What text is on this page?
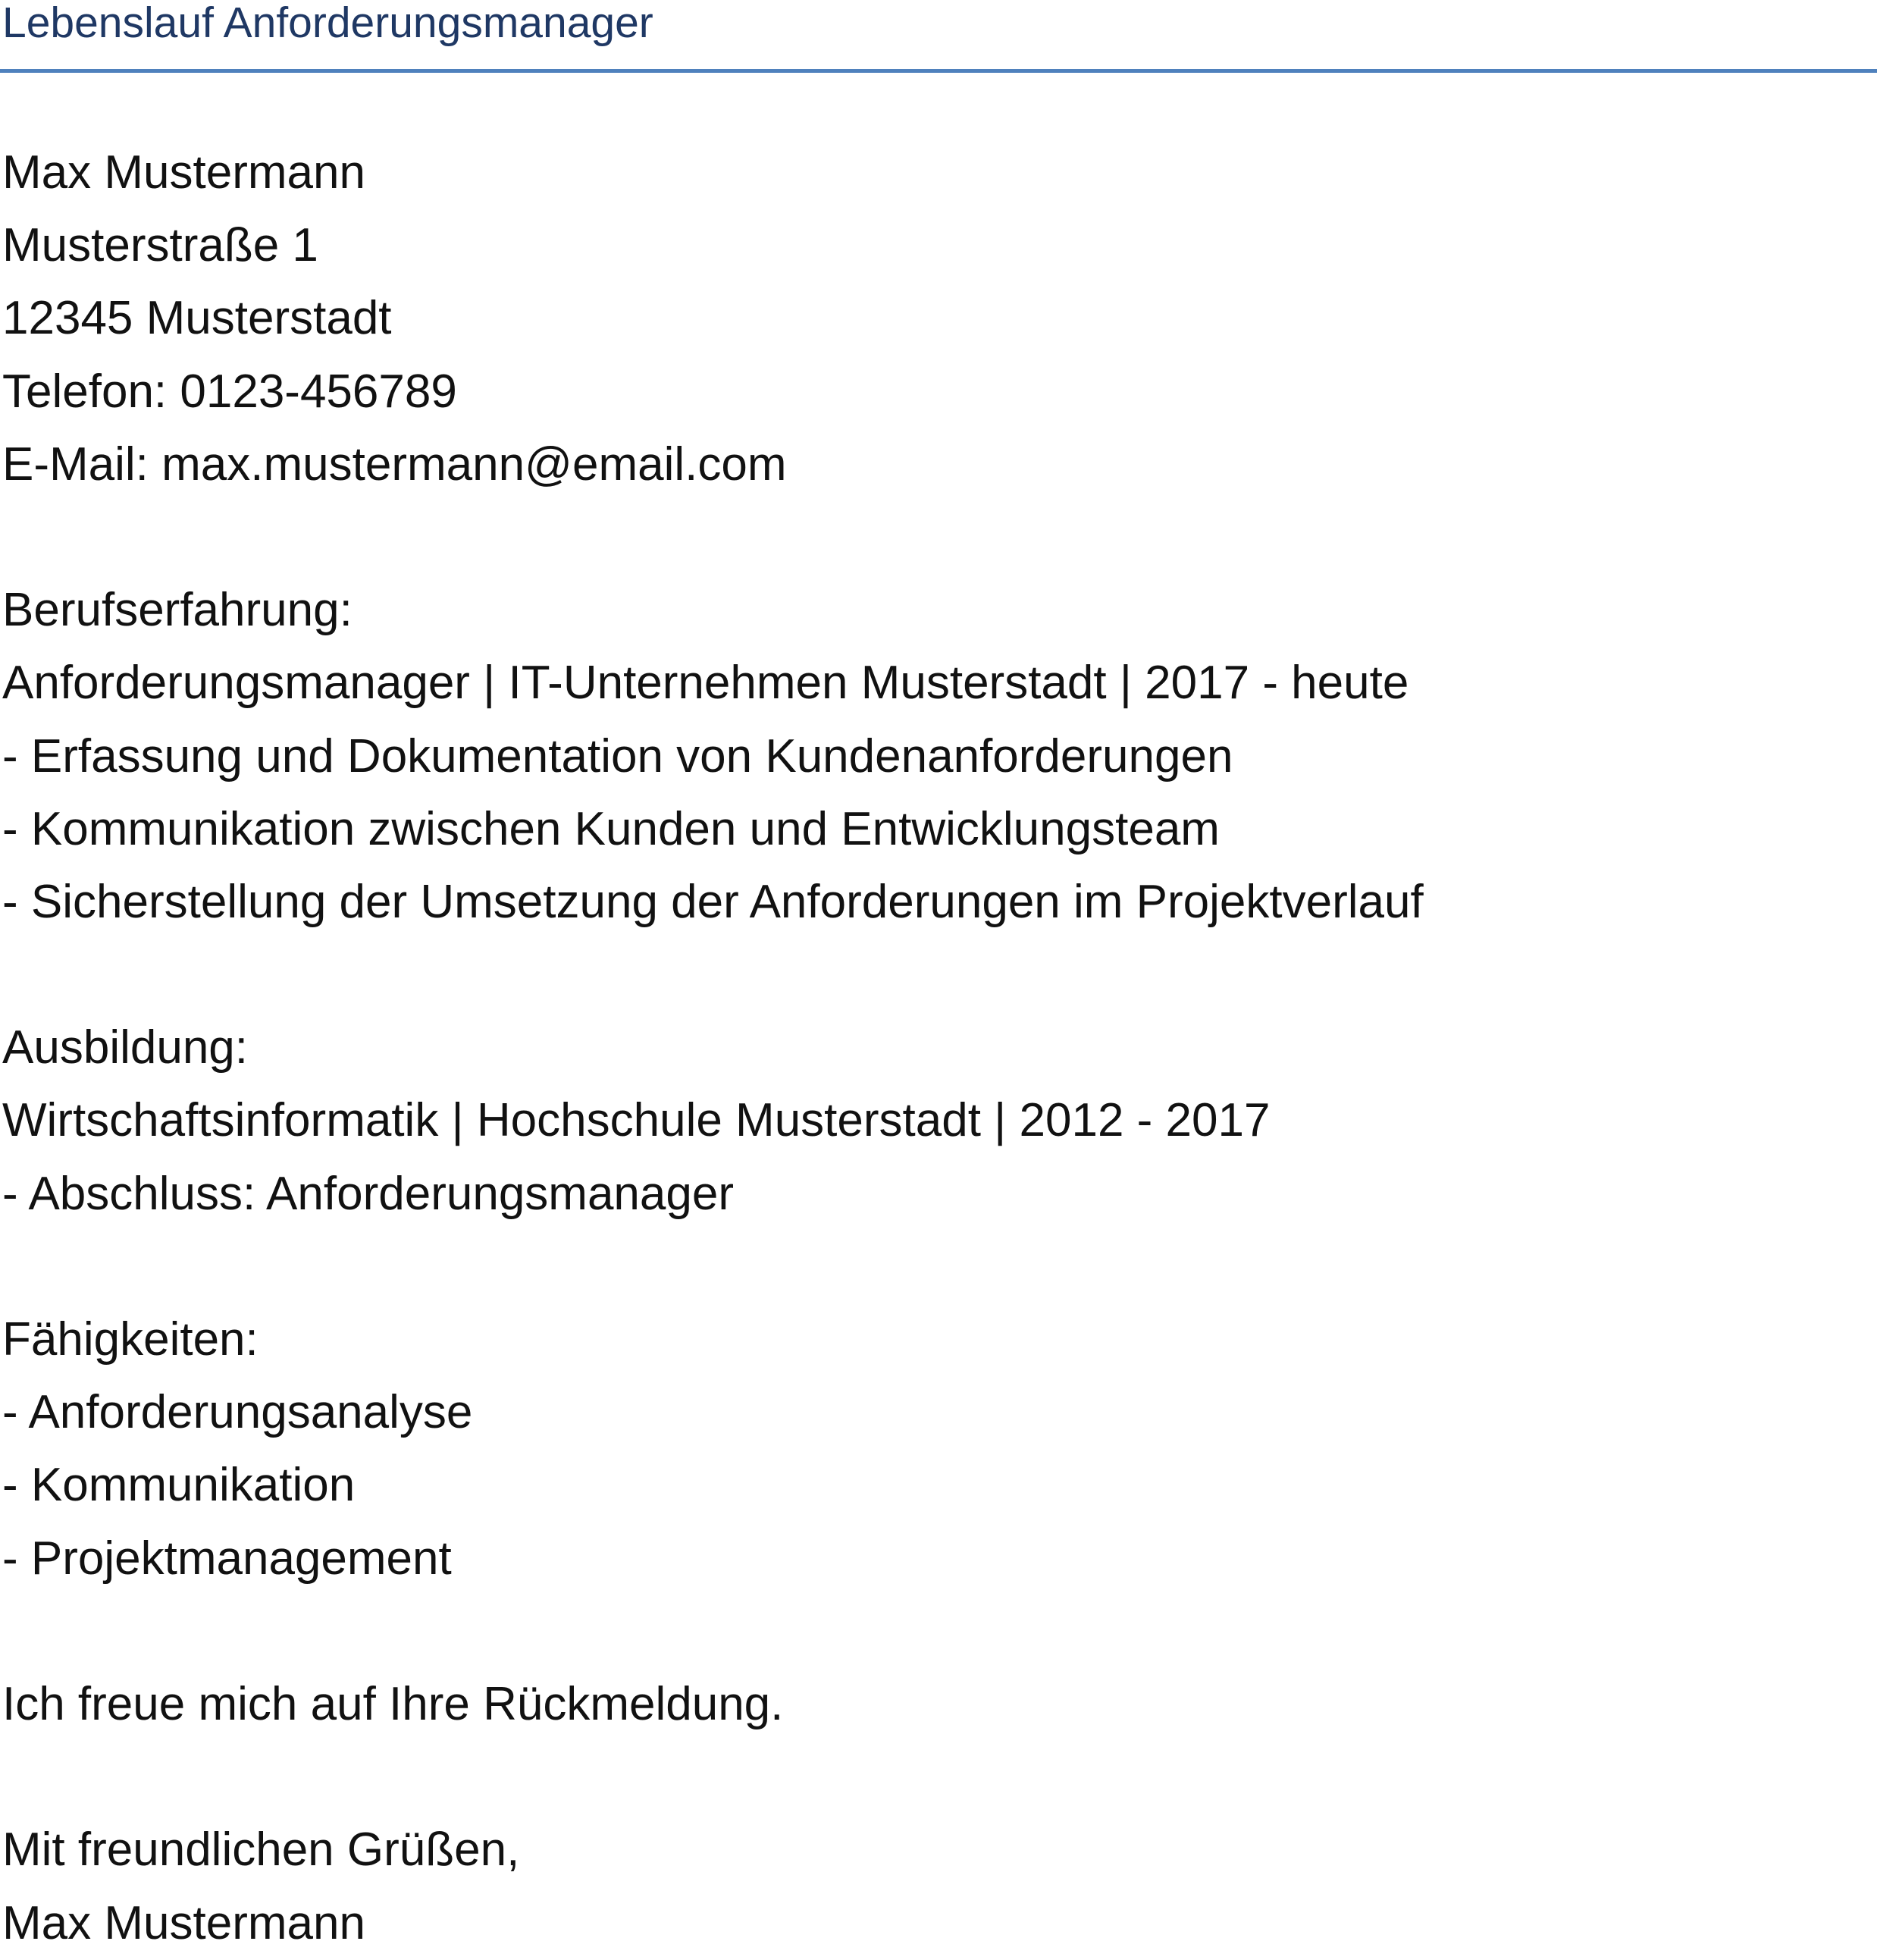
Lebenslauf Anforderungsmanager
Max Mustermann
Musterstraße 1
12345 Musterstadt
Telefon: 0123-456789
E-Mail: max.mustermann@email.com
Berufserfahrung:
Anforderungsmanager | IT-Unternehmen Musterstadt | 2017 - heute
- Erfassung und Dokumentation von Kundenanforderungen
- Kommunikation zwischen Kunden und Entwicklungsteam
- Sicherstellung der Umsetzung der Anforderungen im Projektverlauf
Ausbildung:
Wirtschaftsinformatik | Hochschule Musterstadt | 2012 - 2017
- Abschluss: Anforderungsmanager
Fähigkeiten:
- Anforderungsanalyse
- Kommunikation
- Projektmanagement
Ich freue mich auf Ihre Rückmeldung.
Mit freundlichen Grüßen,
Max Mustermann
